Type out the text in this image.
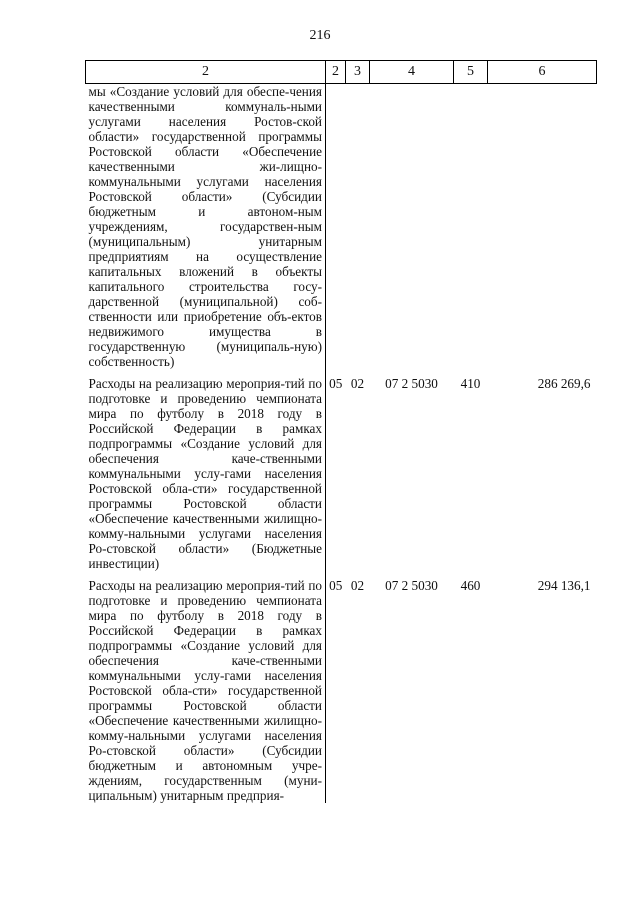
216
2	2	3	4	5	6
мы «Создание условий для обеспе-чения качественными коммуналь-ными услугами населения Ростов-ской области» государственной программы Ростовской области «Обеспечение качественными жи-лищно-коммунальными услугами населения Ростовской области» (Субсидии бюджетным и автоном-ным учреждениям, государствен-ным (муниципальным) унитарным предприятиям на осуществление капитальных вложений в объекты капитального строительства госу-дарственной (муниципальной) соб-ственности или приобретение объ-ектов недвижимого имущества в государственную (муниципаль-ную) собственность)					
Расходы на реализацию мероприя-тий по подготовке и проведению чемпионата мира по футболу в 2018 году в Российской Федерации в рамках подпрограммы «Создание условий для обеспечения каче-ственными коммунальными услу-гами населения Ростовской обла-сти» государственной программы Ростовской области «Обеспечение качественными жилищно-комму-нальными услугами населения Ро-стовской области» (Бюджетные инвестиции)	05	02	07 2 5030	410	286 269,6
Расходы на реализацию мероприя-тий по подготовке и проведению чемпионата мира по футболу в 2018 году в Российской Федерации в рамках подпрограммы «Создание условий для обеспечения каче-ственными коммунальными услу-гами населения Ростовской обла-сти» государственной программы Ростовской области «Обеспечение качественными жилищно-комму-нальными услугами населения Ро-стовской области» (Субсидии бюджетным и автономным учре-ждениям, государственным (муни-ципальным) унитарным предприя-	05	02	07 2 5030	460	294 136,1
